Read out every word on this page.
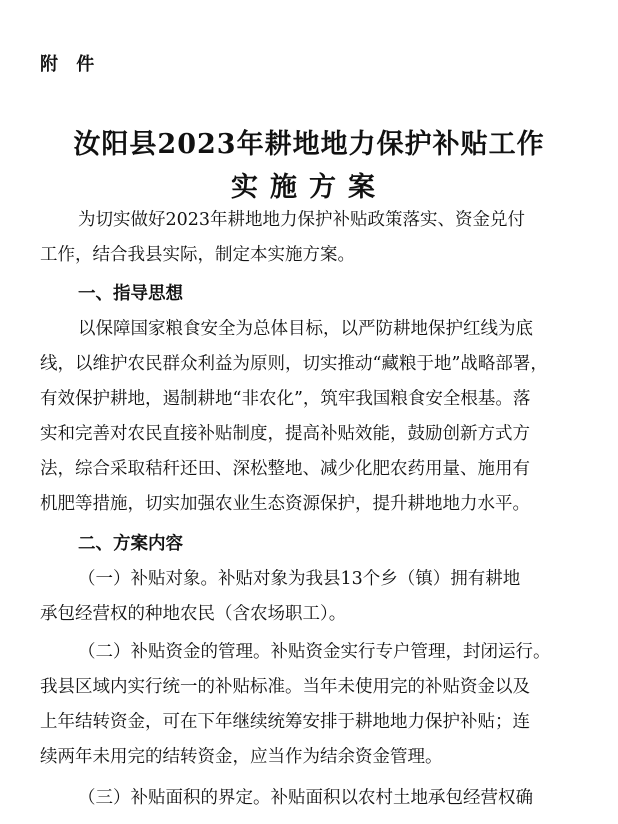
附 件
汝阳县2023年耕地地力保护补贴工作
实施方案
为切实做好2023年耕地地力保护补贴政策落实、资金兑付
工作，结合我县实际，制定本实施方案。
一、指导思想
以保障国家粮食安全为总体目标，以严防耕地保护红线为底
线，以维护农民群众利益为原则，切实推动“藏粮于地”战略部署，
有效保护耕地，遏制耕地“非农化”，筑牢我国粮食安全根基。落
实和完善对农民直接补贴制度，提高补贴效能，鼓励创新方式方
法，综合采取秸秆还田、深松整地、减少化肥农药用量、施用有
机肥等措施，切实加强农业生态资源保护，提升耕地地力水平。
二、方案内容
（一）补贴对象。补贴对象为我县13个乡（镇）拥有耕地
承包经营权的种地农民（含农场职工）。
（二）补贴资金的管理。补贴资金实行专户管理，封闭运行。
我县区域内实行统一的补贴标准。当年未使用完的补贴资金以及
上年结转资金，可在下年继续统筹安排于耕地地力保护补贴；连
续两年未用完的结转资金，应当作为结余资金管理。
（三）补贴面积的界定。补贴面积以农村土地承包经营权确
